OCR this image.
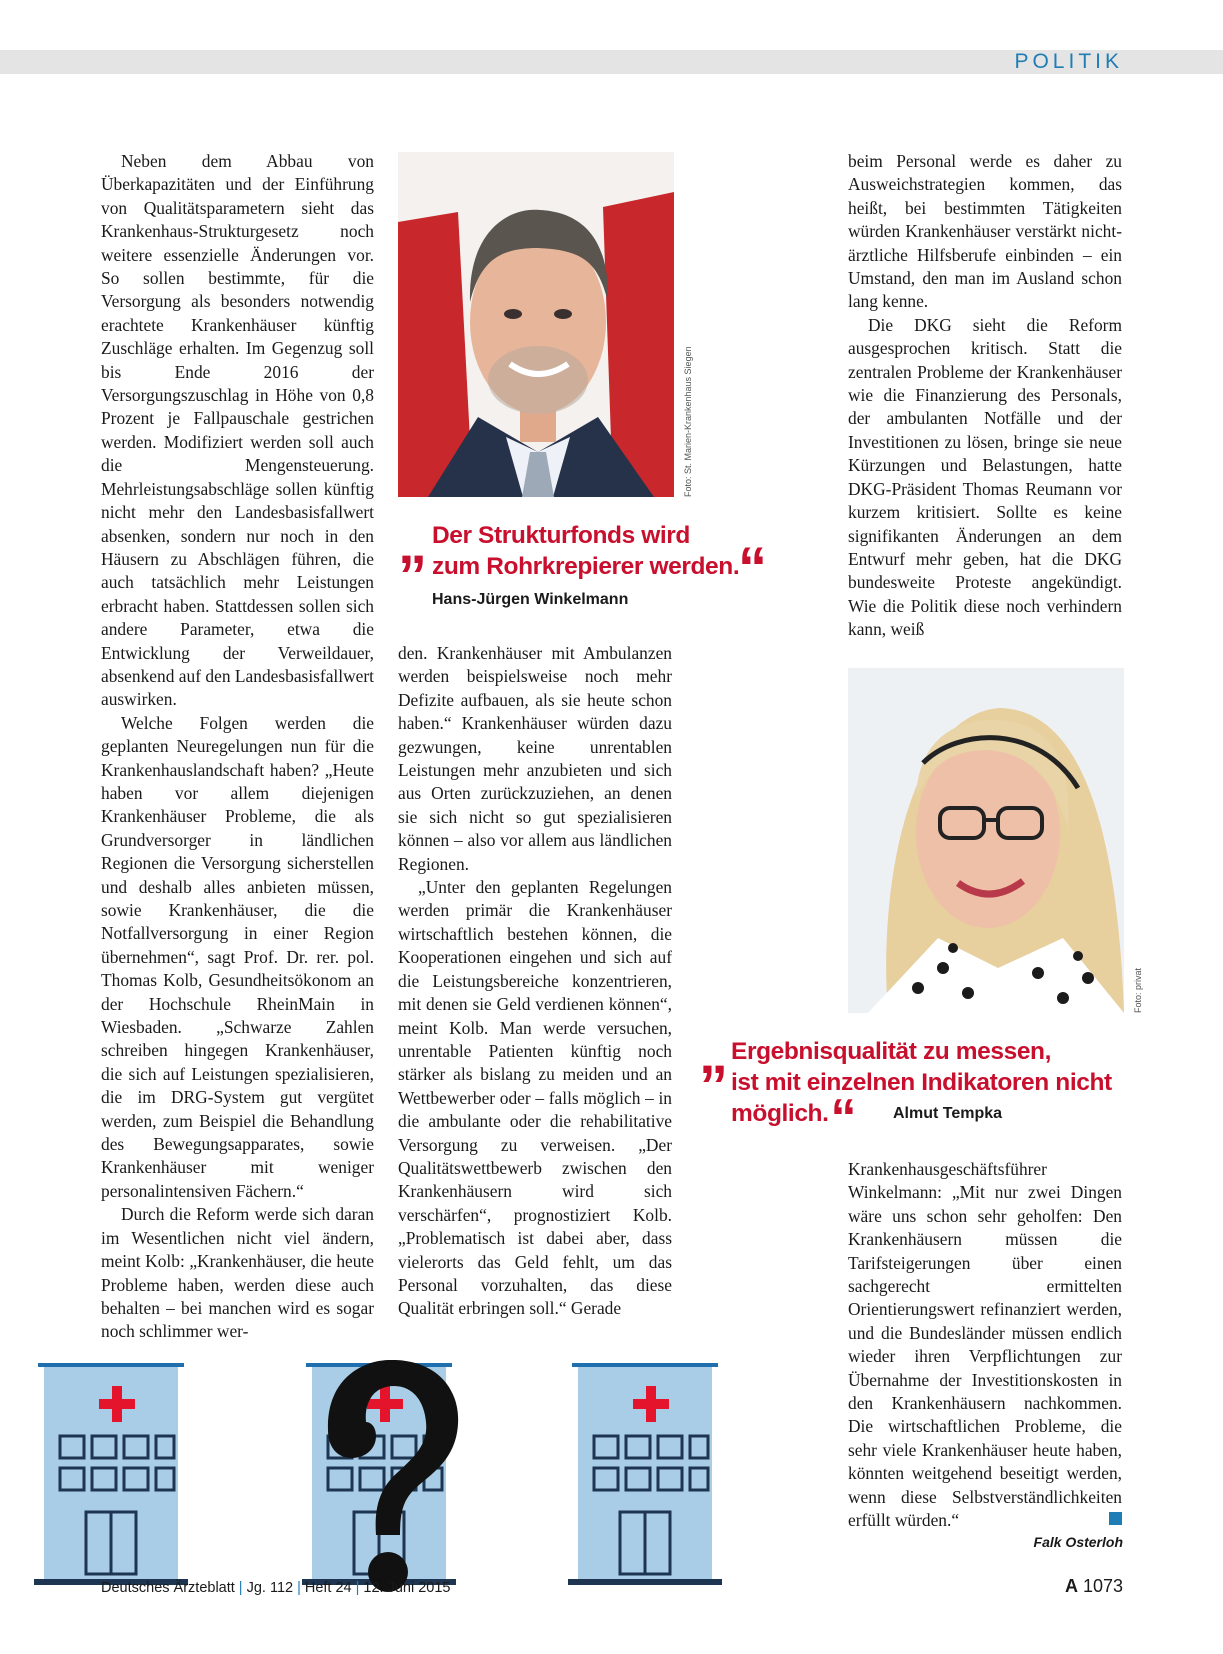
POLITIK

Neben dem Abbau von Überkapazitäten und der Einführung von Qualitätsparametern sieht das Krankenhaus-Strukturgesetz noch weitere essenzielle Änderungen vor. So sollen bestimmte, für die Versorgung als besonders notwendig erachtete Krankenhäuser künftig Zuschläge erhalten. Im Gegenzug soll bis Ende 2016 der Versorgungszuschlag in Höhe von 0,8 Prozent je Fallpauschale gestrichen werden. Modifiziert werden soll auch die Mengensteuerung. Mehrleistungsabschläge sollen künftig nicht mehr den Landesbasisfallwert absenken, sondern nur noch in den Häusern zu Abschlägen führen, die auch tatsächlich mehr Leistungen erbracht haben. Stattdessen sollen sich andere Parameter, etwa die Entwicklung der Verweildauer, absenkend auf den Landesbasisfallwert auswirken.

Welche Folgen werden die geplanten Neuregelungen nun für die Krankenhauslandschaft haben? „Heute haben vor allem diejenigen Krankenhäuser Probleme, die als Grundversorger in ländlichen Regionen die Versorgung sicherstellen und deshalb alles anbieten müssen, sowie Krankenhäuser, die die Notfallversorgung in einer Region übernehmen“, sagt Prof. Dr. rer. pol. Thomas Kolb, Gesundheitsökonom an der Hochschule RheinMain in Wiesbaden. „Schwarze Zahlen schreiben hingegen Krankenhäuser, die sich auf Leistungen spezialisieren, die im DRG-System gut vergütet werden, zum Beispiel die Behandlung des Bewegungsapparates, sowie Krankenhäuser mit weniger personalintensiven Fächern.“

Durch die Reform werde sich daran im Wesentlichen nicht viel ändern, meint Kolb: „Krankenhäuser, die heute Probleme haben, werden diese auch behalten – bei manchen wird es sogar noch schlimmer wer-

Foto: St. Marien-Krankenhaus Siegen
„ Der Strukturfonds wird
zum Rohrkrepierer werden.
“
Hans-Jürgen Winkelmann

den. Krankenhäuser mit Ambulanzen werden beispielsweise noch mehr Defizite aufbauen, als sie heute schon haben.“ Krankenhäuser würden dazu gezwungen, keine unrentablen Leistungen mehr anzubieten und sich aus Orten zurückzuziehen, an denen sie sich nicht so gut spezialisieren können – also vor allem aus ländlichen Regionen.

„Unter den geplanten Regelungen werden primär die Krankenhäuser wirtschaftlich bestehen können, die Kooperationen eingehen und sich auf die Leistungsbereiche konzentrieren, mit denen sie Geld verdienen können“, meint Kolb. Man werde versuchen, unrentable Patienten künftig noch stärker als bislang zu meiden und an Wettbewerber oder – falls möglich – in die ambulante oder die rehabilitative Versorgung zu verweisen. „Der Qualitätswettbewerb zwischen den Krankenhäusern wird sich verschärfen“, prognostiziert Kolb. „Problematisch ist dabei aber, dass vielerorts das Geld fehlt, um das Personal vorzuhalten, das diese Qualität erbringen soll.“ Gerade

beim Personal werde es daher zu Ausweichstrategien kommen, das heißt, bei bestimmten Tätigkeiten würden Krankenhäuser verstärkt nicht-ärztliche Hilfsberufe einbinden – ein Umstand, den man im Ausland schon lang kenne.

Die DKG sieht die Reform ausgesprochen kritisch. Statt die zentralen Probleme der Krankenhäuser wie die Finanzierung des Personals, der ambulanten Notfälle und der Investitionen zu lösen, bringe sie neue Kürzungen und Belastungen, hatte DKG-Präsident Thomas Reumann vor kurzem kritisiert. Sollte es keine signifikanten Änderungen an dem Entwurf mehr geben, hat die DKG bundesweite Proteste angekündigt. Wie die Politik diese noch verhindern kann, weiß

Foto: privat
„ Ergebnisqualität zu messen,
ist mit einzelnen Indikatoren nicht
möglich.“	Almut Tempka

Krankenhausgeschäftsführer Winkelmann: „Mit nur zwei Dingen wäre uns schon sehr geholfen: Den Krankenhäusern müssen die Tarifsteigerungen über einen sachgerecht ermittelten Orientierungswert refinanziert werden, und die Bundesländer müssen endlich wieder ihren Verpflichtungen zur Übernahme der Investitionskosten in den Krankenhäusern nachkommen. Die wirtschaftlichen Probleme, die sehr viele Krankenhäuser heute haben, könnten weitgehend beseitigt werden, wenn diese Selbstverständlichkeiten erfüllt würden.“

Falk Osterloh
Deutsches Ärzteblatt | Jg. 112 | Heft 24 | 12. Juni 2015	A 1073
